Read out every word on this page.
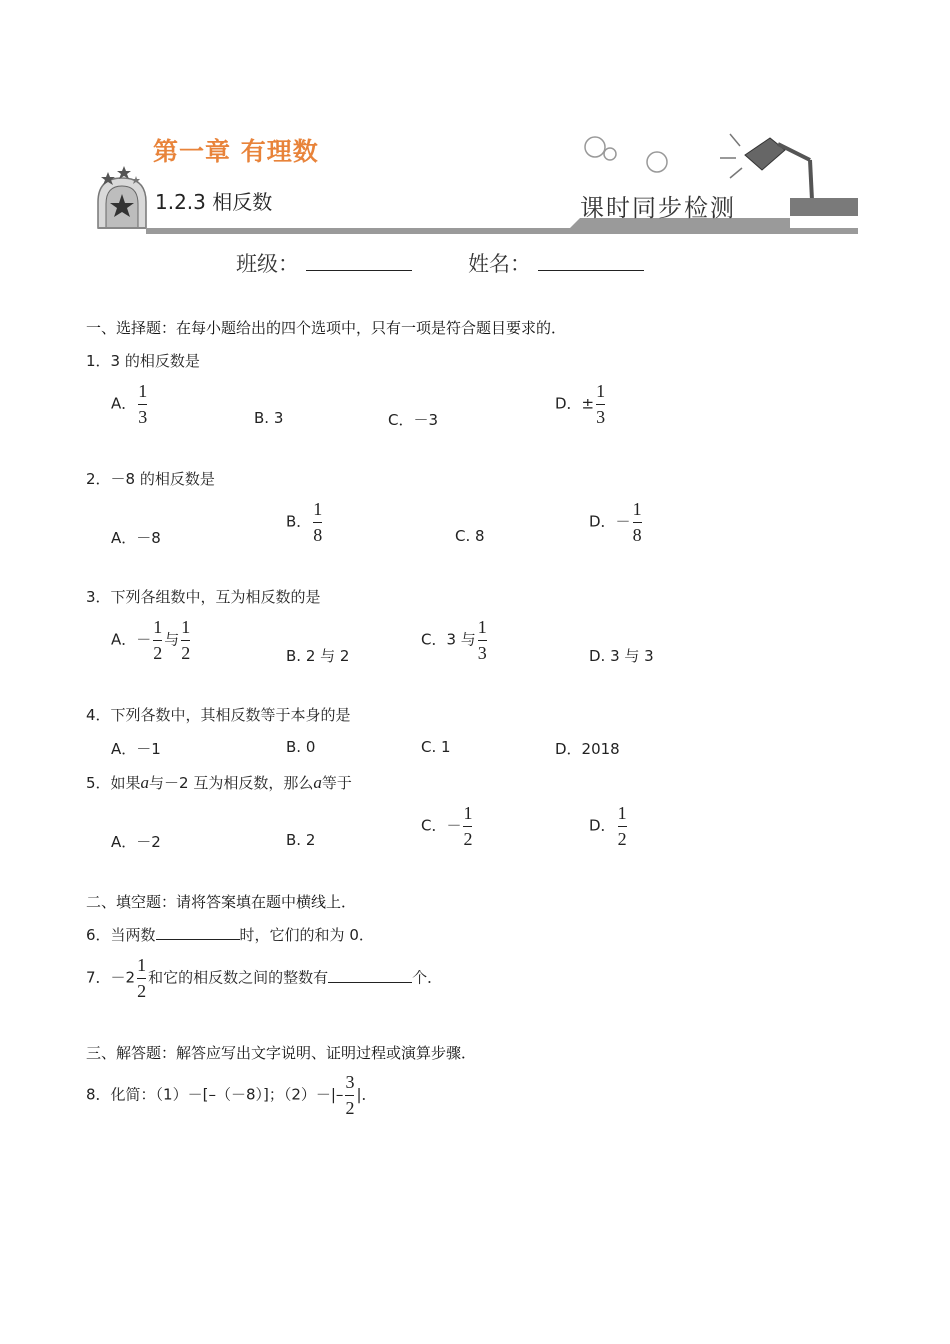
第一章 有理数
1.2.3 相反数	课时同步检测
班级：	姓名：
一、选择题：在每小题给出的四个选项中，只有一项是符合题目要求的．
1．3 的相反数是
A． $\frac{1}{3}$	B. 3	C．－3
D．± $\frac{1}{3}$
2．－8 的相反数是
A．－8
B． $\frac{1}{8}$	C. 8
D．－ $\frac{1}{8}$
3．下列各组数中，互为相反数的是
A．－ $\frac{1}{2}$ 与 $\frac{1}{2}$	B. 2 与 2
C．3 与 $\frac{1}{3}$	D. 3 与 3
4．下列各数中，其相反数等于本身的是
A．－1	B. 0	C. 1	D．2018
5．如果a与－2 互为相反数，那么a等于
A．－2	B. 2
C．－ $\frac{1}{2}$	D． $\frac{1}{2}$
二、填空题：请将答案填在题中横线上．
6．当两数	时，它们的和为 0．
7．$-2 \frac{1}{2}$ 和它的相反数之间的整数有	个．
三、解答题：解答应写出文字说明、证明过程或演算步骤．
8．化简：（1）－[–（－8）]；$(2)-|- \frac{3}{2}$ |．
